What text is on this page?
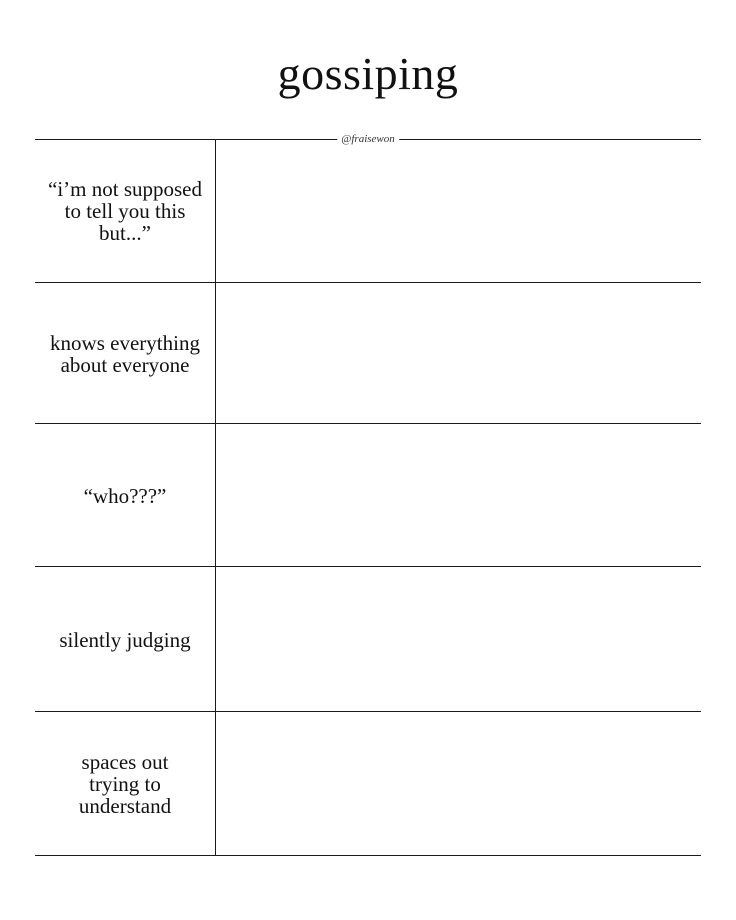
gossiping
@fraisewon
“i’m not supposed to tell you this but...”
knows everything about everyone
“who???”
silently judging
spaces out trying to understand
